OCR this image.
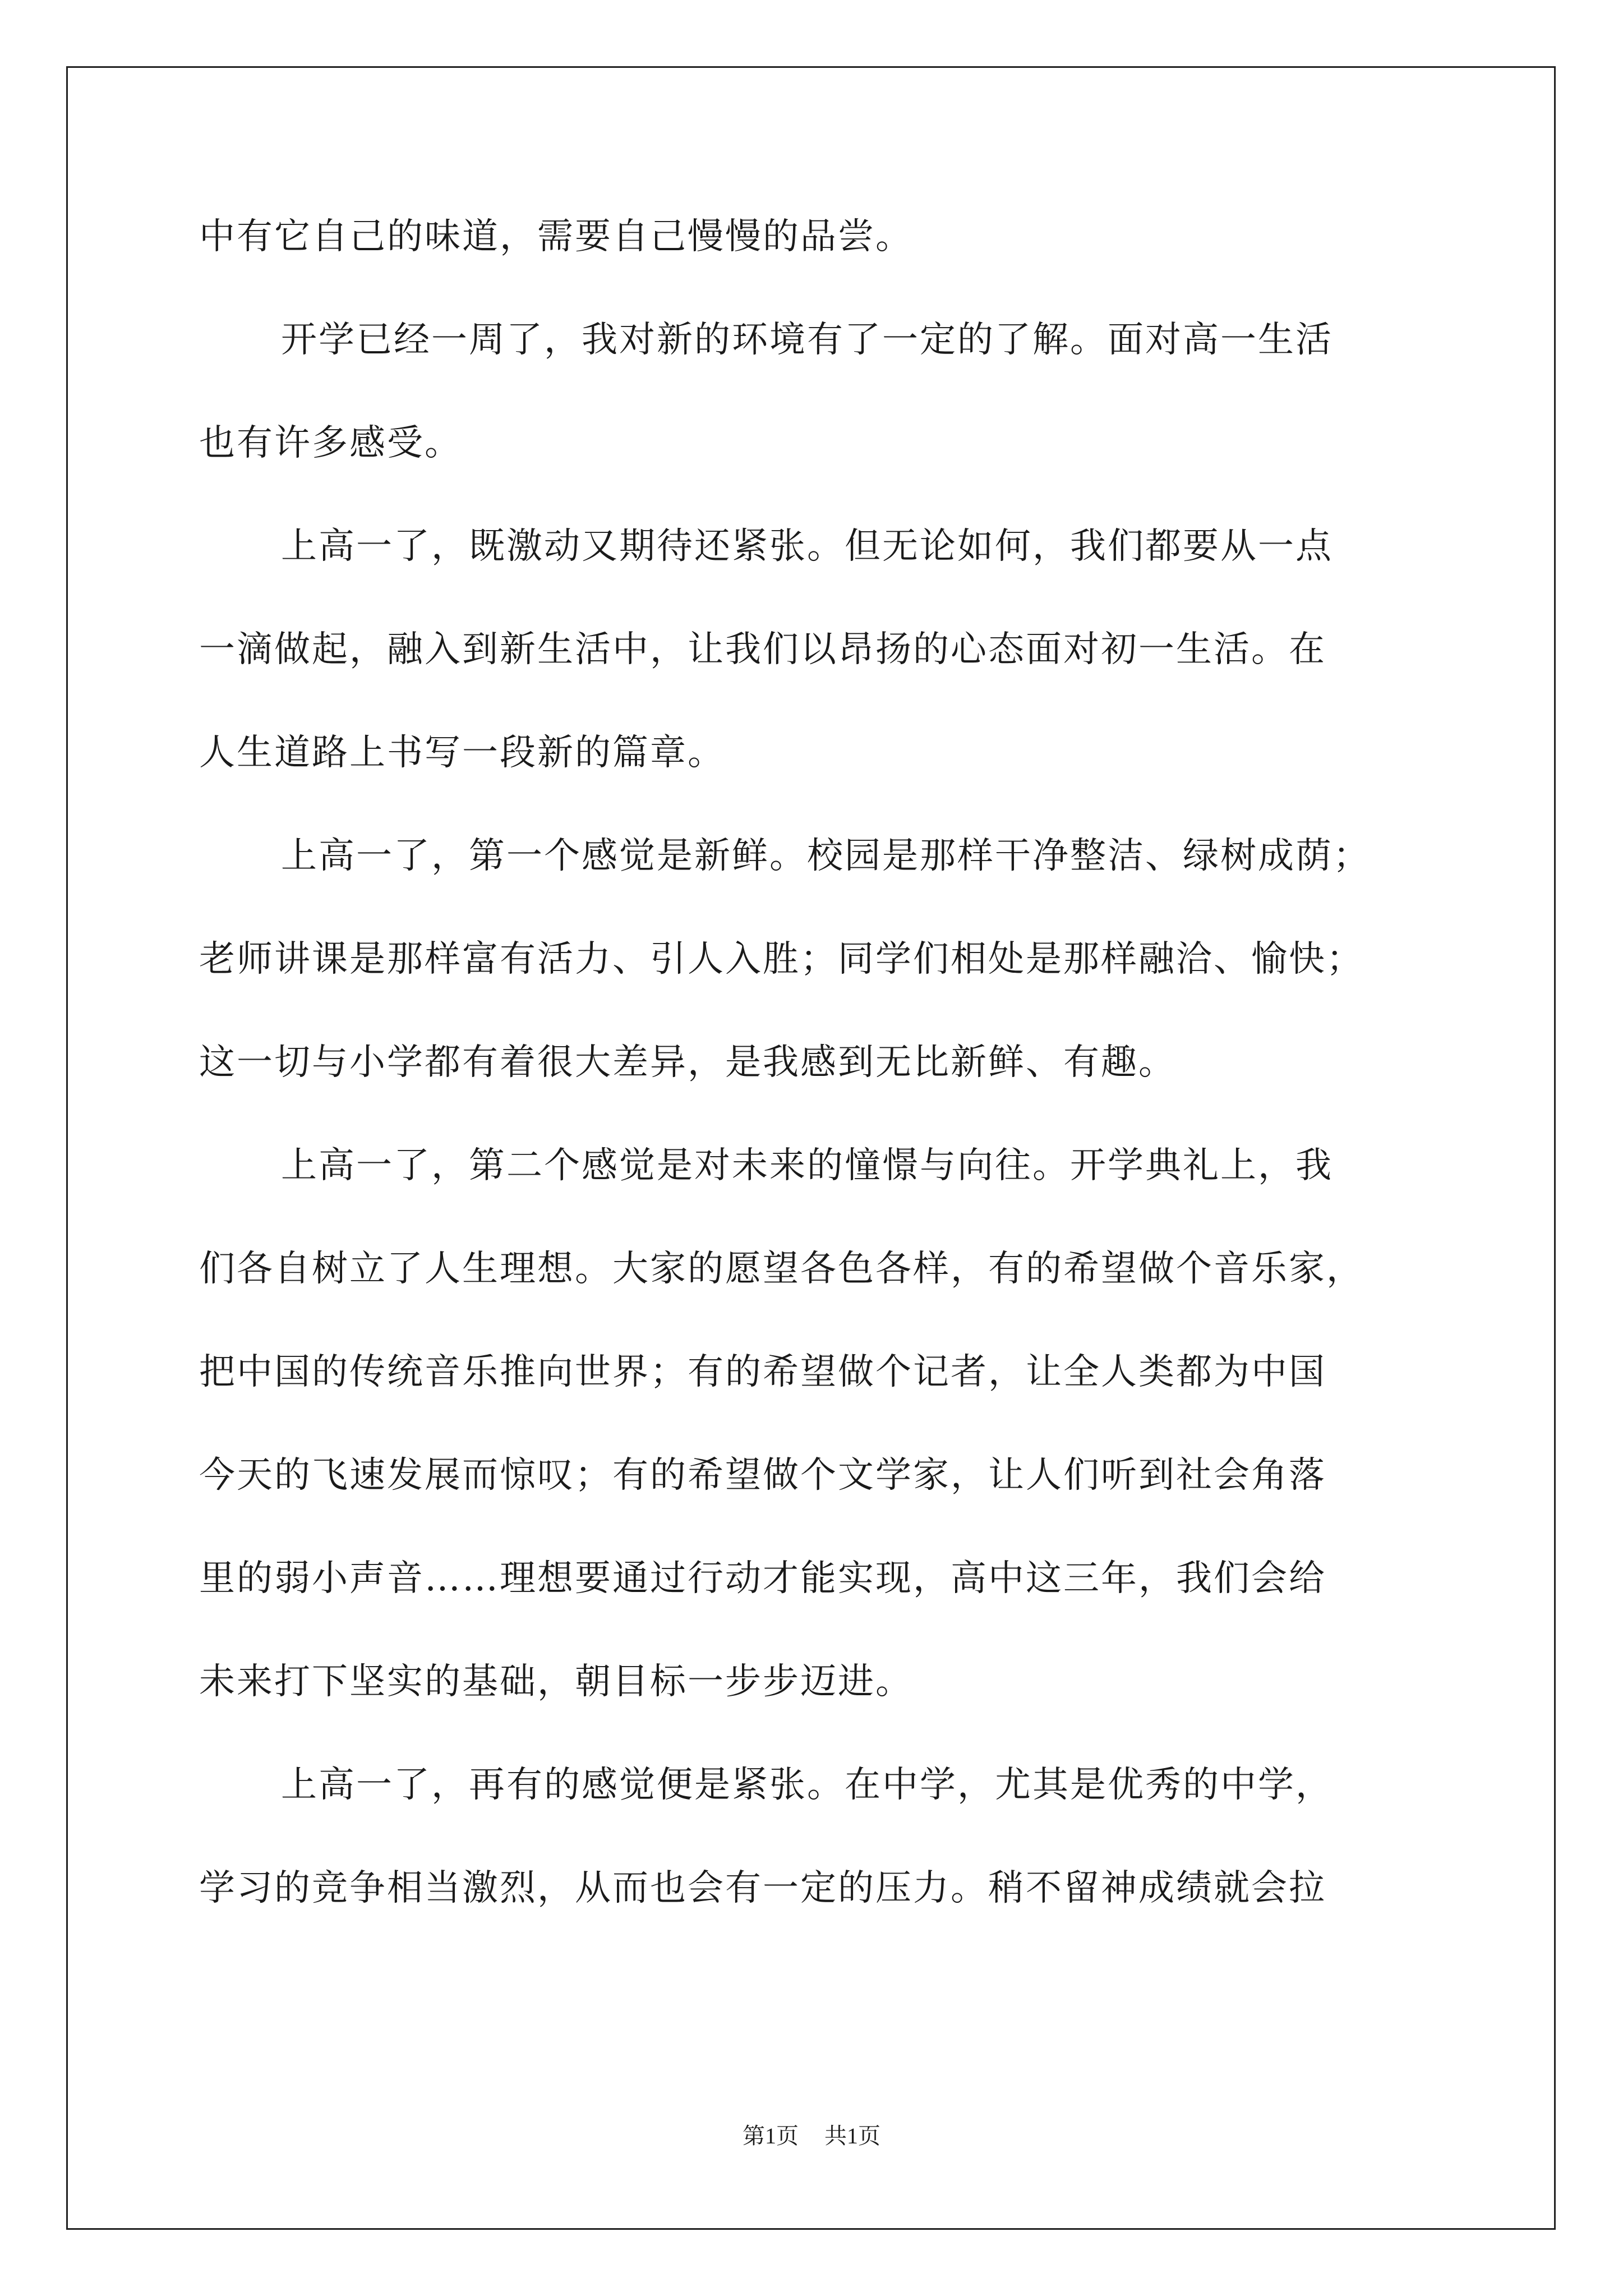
中有它自己的味道，需要自己慢慢的品尝。
开学已经一周了，我对新的环境有了一定的了解。面对高一生活
也有许多感受。
上高一了，既激动又期待还紧张。但无论如何，我们都要从一点
一滴做起，融入到新生活中，让我们以昂扬的心态面对初一生活。在
人生道路上书写一段新的篇章。
上高一了，第一个感觉是新鲜。校园是那样干净整洁、绿树成荫；
老师讲课是那样富有活力、引人入胜；同学们相处是那样融洽、愉快；
这一切与小学都有着很大差异，是我感到无比新鲜、有趣。
上高一了，第二个感觉是对未来的憧憬与向往。开学典礼上，我
们各自树立了人生理想。大家的愿望各色各样，有的希望做个音乐家，
把中国的传统音乐推向世界；有的希望做个记者，让全人类都为中国
今天的飞速发展而惊叹；有的希望做个文学家，让人们听到社会角落
里的弱小声音……理想要通过行动才能实现，高中这三年，我们会给
未来打下坚实的基础，朝目标一步步迈进。
上高一了，再有的感觉便是紧张。在中学，尤其是优秀的中学，
学习的竞争相当激烈，从而也会有一定的压力。稍不留神成绩就会拉
第1页 共1页
